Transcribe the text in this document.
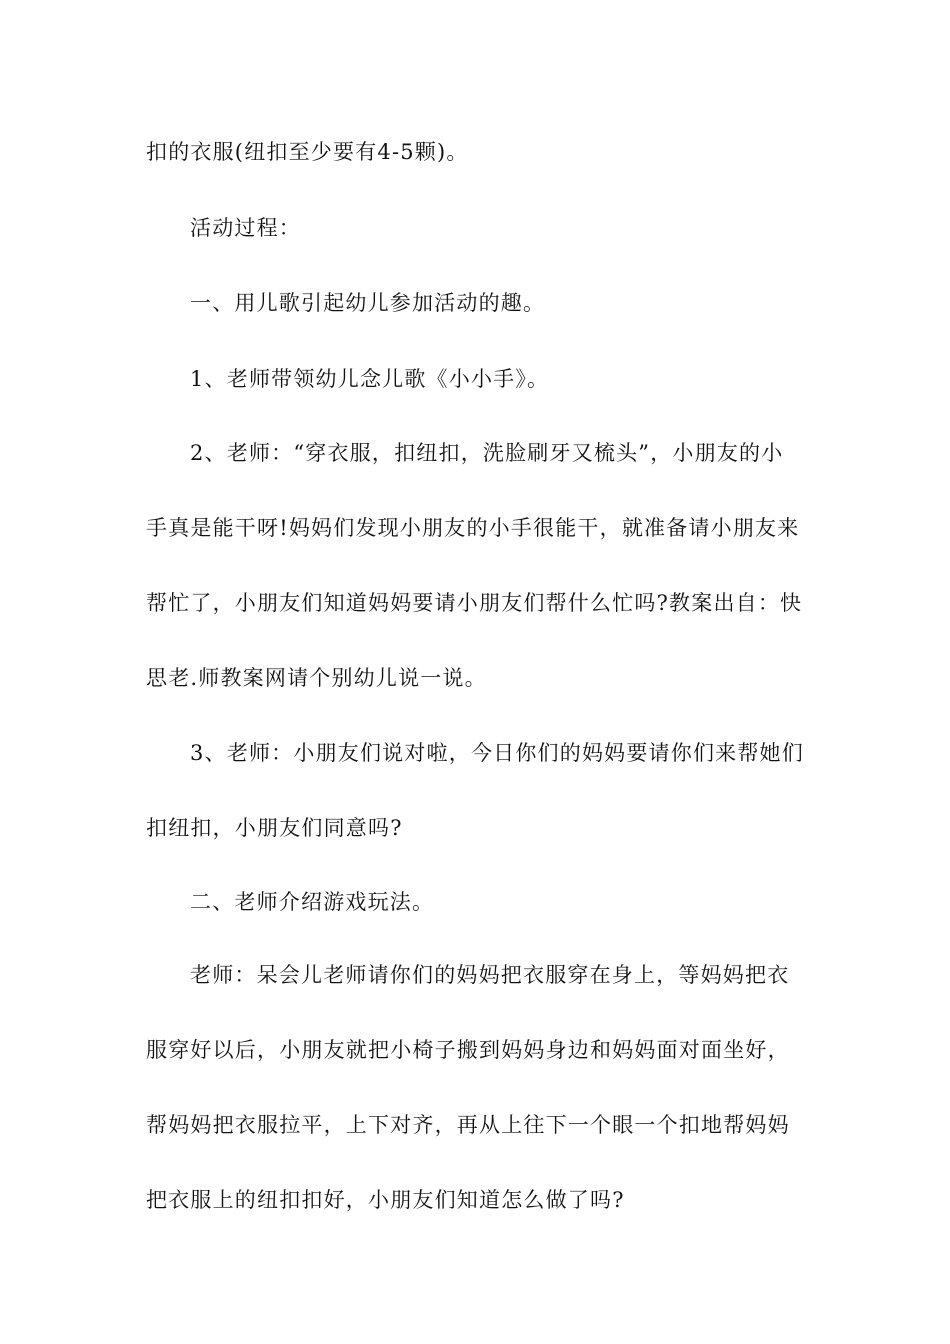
扣的衣服(纽扣至少要有4-5颗)。
活动过程：
一、用儿歌引起幼儿参加活动的趣。
1、老师带领幼儿念儿歌《小小手》。
2、老师：“穿衣服，扣纽扣，洗脸刷牙又梳头”，小朋友的小
手真是能干呀!妈妈们发现小朋友的小手很能干，就准备请小朋友来
帮忙了，小朋友们知道妈妈要请小朋友们帮什么忙吗?教案出自：快
思老.师教案网请个别幼儿说一说。
3、老师：小朋友们说对啦，今日你们的妈妈要请你们来帮她们
扣纽扣，小朋友们同意吗?
二、老师介绍游戏玩法。
老师：呆会儿老师请你们的妈妈把衣服穿在身上，等妈妈把衣
服穿好以后，小朋友就把小椅子搬到妈妈身边和妈妈面对面坐好，
帮妈妈把衣服拉平，上下对齐，再从上往下一个眼一个扣地帮妈妈
把衣服上的纽扣扣好，小朋友们知道怎么做了吗?
